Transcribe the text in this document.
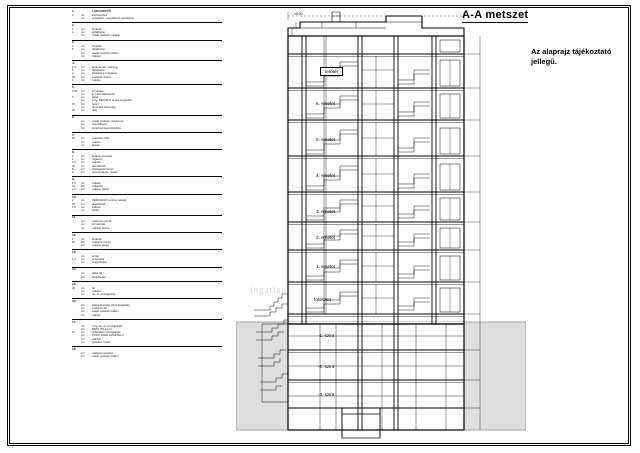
1.	LAPOSTETŐ
2	cm	kavicsterítés
cm	szigetelés, csapadékvíz vezetéssel
2.
2	cm	burkolat
4	cm	aljzatbeton
cm	vasalt vasbeton síkalap
3.
2	cm	burkolat
5	cm	aljzatbeton
cm	vasalt vasbeton födém
cm	vakolat
4.
1,5	cm	kerámia lap, szőnyeg
5	cm	aljzatbeton
3	cm	lépéshang szigetelés
20	cm	vasbeton födém
1	cm	vakolat
5.
1,00	cm	kő járólap
cm	ill. használati beton
5	cm	aljzat
cm	2 rtg. DEKOR O lemez szigetelés
15	cm	beton
cm	tömörített kavicságy
20	cm	talaj
6.
cm	vasalt vasbeton alaplemez
cm	szerelőbeton
cm	tömörített kavicsfeltöltés
7.
20	cm	vasbeton pillér
cm	vakolat
cm	festés
8.
2	cm	kerámia burkolat
1	cm	ragasztó
1,5	cm	vakolat
30	cm	falazóblokk
8	cm	hőszigetelő lemez
2	cm	nemesvakolat, festés
9.
1,5	cm	vakolat
10	cm	válaszfal
1,5	cm	vakolat, festés
10.
2	cm	TERRANOVA színes vakolat
30	cm	falazóblokk
1,5	cm	vakolat
cm	festés
11.
cm	vasbeton lépcső
cm	kő burkolat
cm	vakolat, festés
12.
2	cm	burkolat
20	cm	vasbeton lemez
cm	vakolat, festés
13.
cm	korlát
1,2	cm	acél korlát
cm	üveg kitöltés
14.
cm	attika fal
cm	lemezfedés
15.
40	cm	fal
cm	vakolat
cm	hő- és vízszigetelés
16.
cm	talajnedvesség elleni szigetelés
cm	vasbeton fal
cm	vasalt vasbeton födém
cm	vakolat
17.
cm	2 rtg. hő- és vízszigetelés
cm	BIMO 750 lemez
10	cm	NIKECELL hőszigetelés
cm	PORO SZER SZIGETELŐ
cm	vakolat
cm	glettelés, festés
18.
cm	vasbeton koszorú
cm	vasalt vasbeton födém
A-A metszet
Az alaprajz tájékoztató jellegű.
±0,00
tetőtér
6. emelet
5. emelet
4. emelet
3. emelet
2. emelet
1. emelet
földszint
-1. szint
-2. szint
-3. szint
ingatlan
